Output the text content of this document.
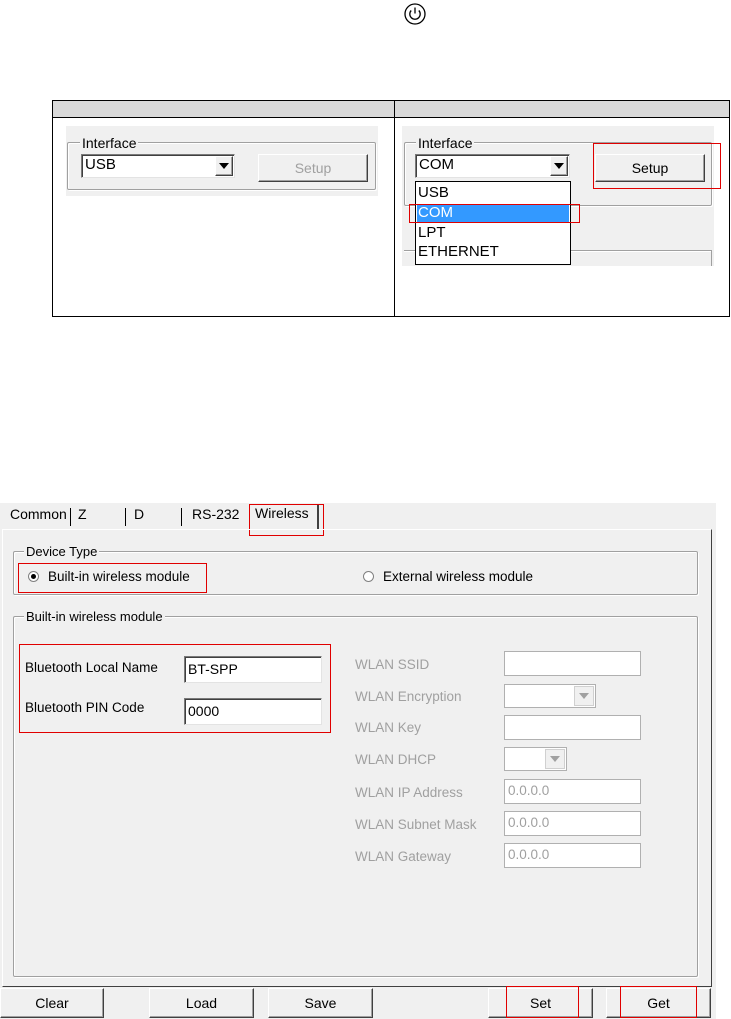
Interface
USB	Setup
Interface
COM	Setup
USB
COM
LPT
ETHERNET
Common Z	D	RS-232 Wireless
Device Type
Built-in wireless module	External wireless module
Built-in wireless module
Bluetooth Local Name BT-SPP
Bluetooth PIN Code	0000
WLAN SSID
WLAN Encryption
WLAN Key
WLAN DHCP
WLAN IP Address	0.0.0.0
WLAN Subnet Mask 0.0.0.0
WLAN Gateway	0.0.0.0
Clear	Load	Save	Set	Get
